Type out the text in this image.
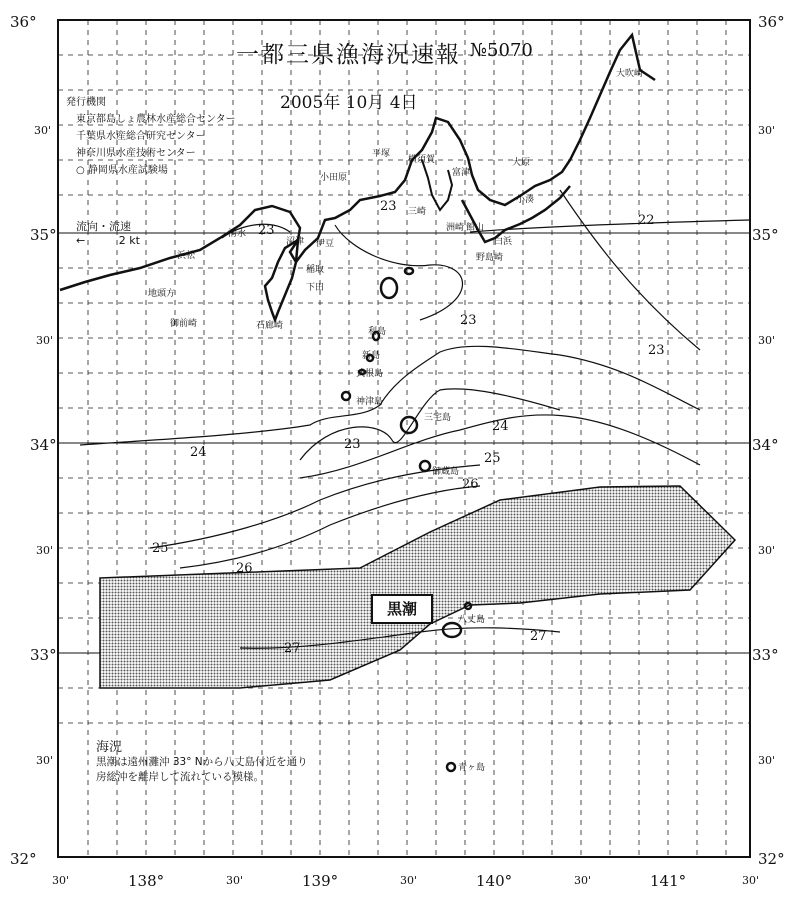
23
22
23
23
23
24
23
24
25
26
25
26
27
27
大吹崎
平塚
横須賀
富津
小田原
大原
三崎
館山
洲崎
白浜
野島崎
沼津 伊豆
稲取
下田
御前崎	石廊崎
利島
新島
式根島
神津島
三宅島
御蔵島
八丈島
青ヶ島
浜松
清水
地頭方
小湊
36°	36°
30'	30'
35°	35°
30'	30'
34°	34°
30'	30'
33°	33°
30'	30'
32°	32°
30'	138°	30'	139°	30'	140°	30'	141°	30'
一都三県漁海況速報 №5070
2005年 10月 4日
発行機関
東京都島しょ農林水産総合センター
千葉県水産総合研究センター
神奈川県水産技術センター
○ 静岡県水産試験場
流向・流速
←	2 kt
黒潮
海況
黒潮は遠州灘沖 33° Nから八丈島付近を通り
房総沖を離岸して流れている模様。
